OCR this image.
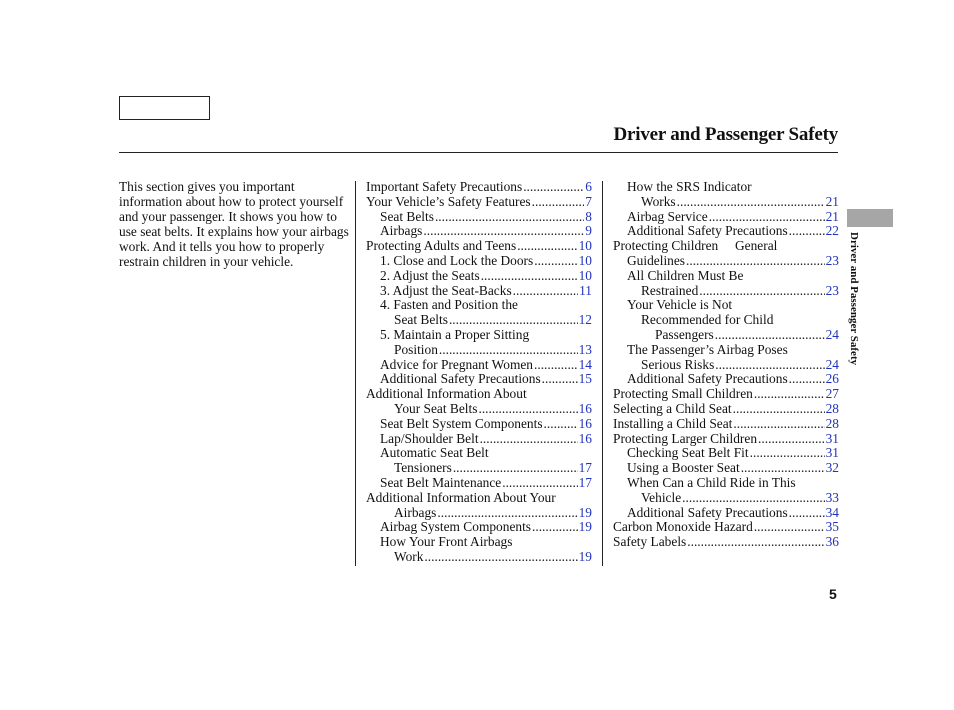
Driver and Passenger Safety
This section gives you important information about how to protect yourself and your passenger. It shows you how to use seat belts. It explains how your airbags work. And it tells you how to properly restrain children in your vehicle.
Important Safety Precautions .....	6
Your Vehicle’s Safety Features .....	7
Seat Belts .....	8
Airbags .....	9
Protecting Adults and Teens .....	10
1. Close and Lock the Doors .....	10
2. Adjust the Seats .....	10
3. Adjust the Seat-Backs .....	11
4. Fasten and Position the
Seat Belts .....	12
5. Maintain a Proper Sitting
Position .....	13
Advice for Pregnant Women .....	14
Additional Safety Precautions .....	15
Additional Information About
Your Seat Belts .....	16
Seat Belt System Components .....	16
Lap/Shoulder Belt .....	16
Automatic Seat Belt
Tensioners .....	17
Seat Belt Maintenance .....	17
Additional Information About Your
Airbags .....	19
Airbag System Components .....	19
How Your Front Airbags
Work .....	19
How the SRS Indicator
Works .....	21
Airbag Service .....	21
Additional Safety Precautions .....	22
Protecting Children     General
Guidelines .....	23
All Children Must Be
Restrained .....	23
Your Vehicle is Not
Recommended for Child
Passengers .....	24
The Passenger’s Airbag Poses
Serious Risks .....	24
Additional Safety Precautions .....	26
Protecting Small Children .....	27
Selecting a Child Seat .....	28
Installing a Child Seat .....	28
Protecting Larger Children .....	31
Checking Seat Belt Fit .....	31
Using a Booster Seat .....	32
When Can a Child Ride in This
Vehicle .....	33
Additional Safety Precautions .....	34
Carbon Monoxide Hazard .....	35
Safety Labels .....	36
Driver and Passenger Safety
5
